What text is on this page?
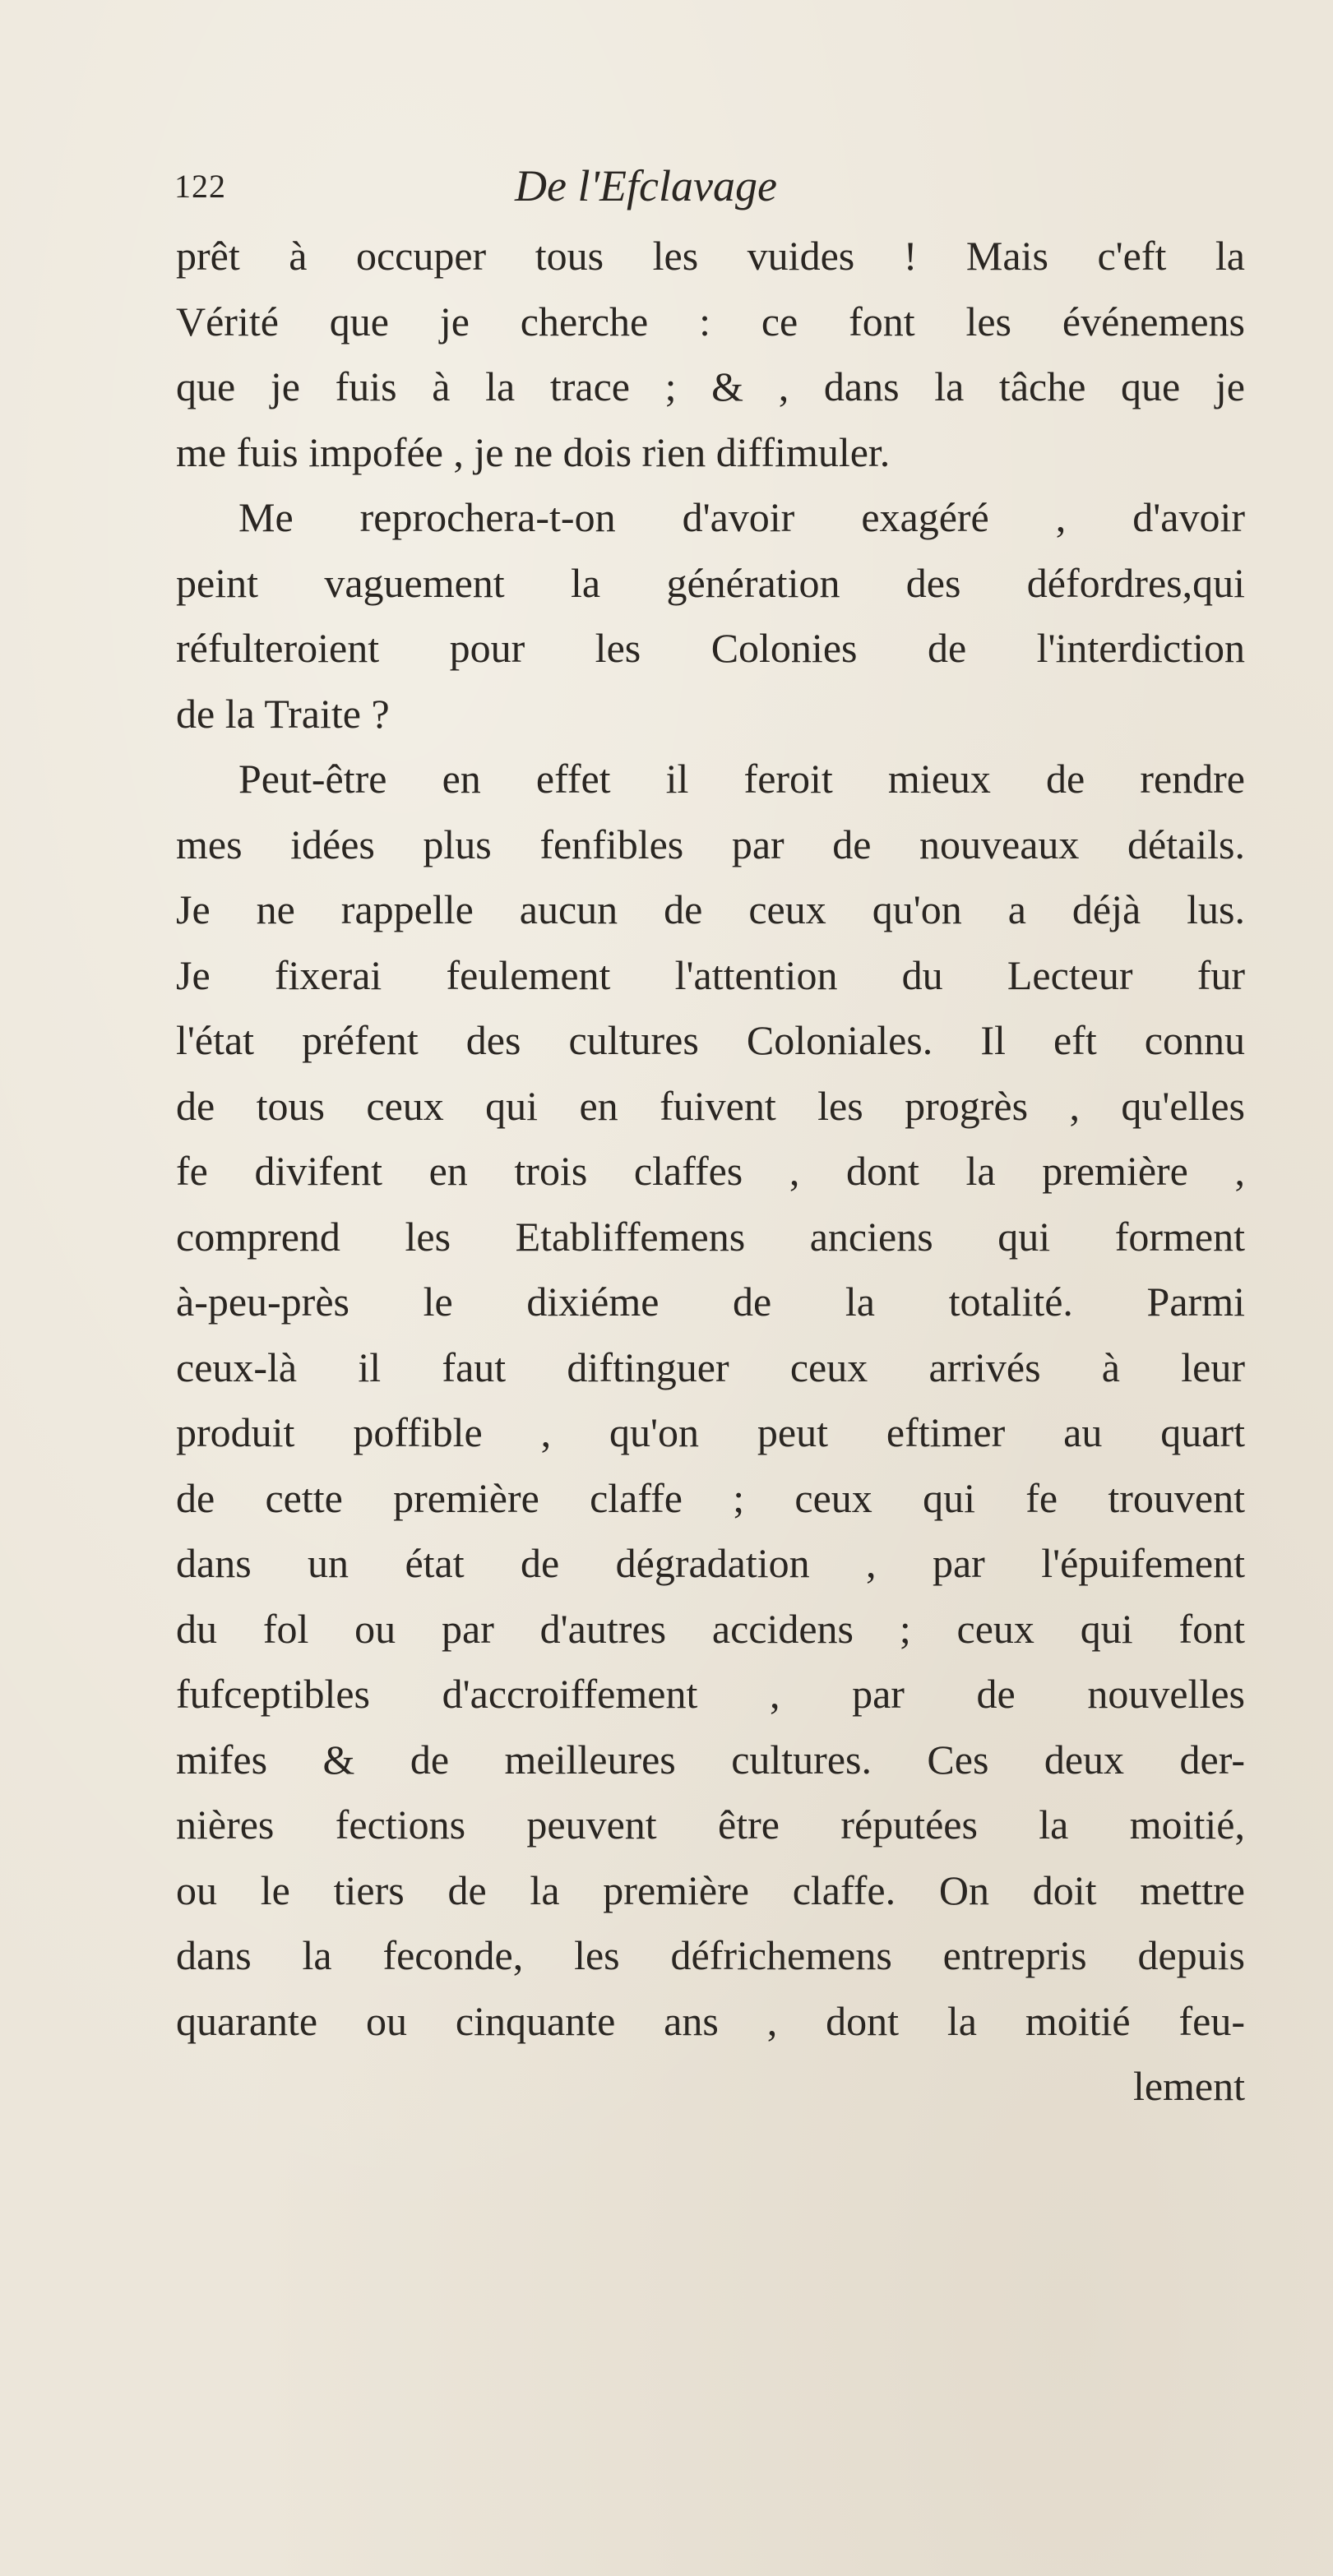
122	De l'Efclavage
prêt à occuper tous les vuides ! Mais c'eft la
Vérité que je cherche : ce font les événemens
que je fuis à la trace ; & , dans la tâche que je
me fuis impofée , je ne dois rien diffimuler.
Me reprochera-t-on d'avoir exagéré , d'avoir
peint vaguement la génération des défordres,qui
réfulteroient pour les Colonies de l'interdiction
de la Traite ?
Peut-être en effet il feroit mieux de rendre
mes idées plus fenfibles par de nouveaux détails.
Je ne rappelle aucun de ceux qu'on a déjà lus.
Je fixerai feulement l'attention du Lecteur fur
l'état préfent des cultures Coloniales. Il eft connu
de tous ceux qui en fuivent les progrès , qu'elles
fe divifent en trois claffes , dont la première ,
comprend les Etabliffemens anciens qui forment
à-peu-près le dixiéme de la totalité. Parmi
ceux-là il faut diftinguer ceux arrivés à leur
produit poffible , qu'on peut eftimer au quart
de cette première claffe ; ceux qui fe trouvent
dans un état de dégradation , par l'épuifement
du fol ou par d'autres accidens ; ceux qui font
fufceptibles d'accroiffement , par de nouvelles
mifes & de meilleures cultures. Ces deux der-
nières fections peuvent être réputées la moitié,
ou le tiers de la première claffe. On doit mettre
dans la feconde, les défrichemens entrepris depuis
quarante ou cinquante ans , dont la moitié feu-
lement
